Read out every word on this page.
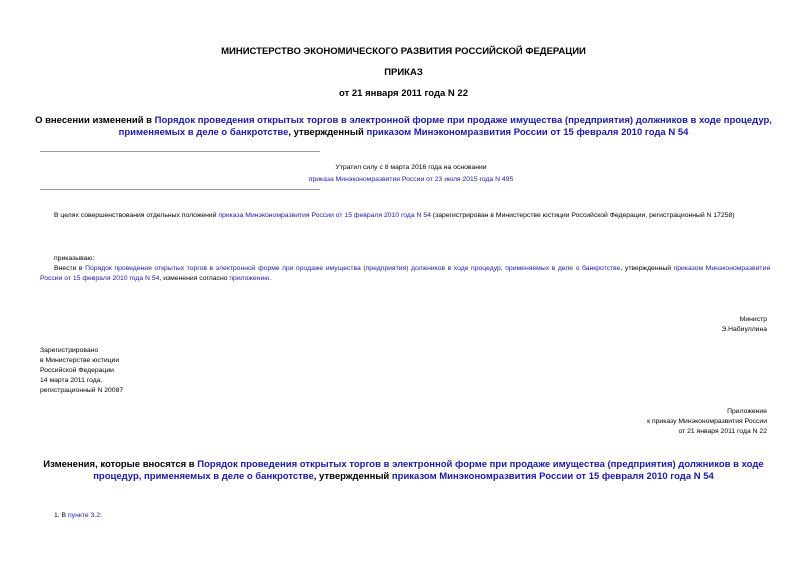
МИНИСТЕРСТВО ЭКОНОМИЧЕСКОГО РАЗВИТИЯ РОССИЙСКОЙ ФЕДЕРАЦИИ
ПРИКАЗ
от 21 января 2011 года N 22
О внесении изменений в Порядок проведения открытых торгов в электронной форме при продаже имущества (предприятия) должников в ходе процедур, применяемых в деле о банкротстве, утвержденный приказом Минэкономразвития России от 15 февраля 2010 года N 54
Утратил силу с 8 марта 2016 года на основании
приказа Минэкономразвития России от 23 июля 2015 года N 495
В целях совершенствования отдельных положений приказа Минэкономразвития России от 15 февраля 2010 года N 54 (зарегистрирован в Министерстве юстиции Российской Федерации, регистрационный N 17258)
приказываю:
Внести в Порядок проведения открытых торгов в электронной форме при продаже имущества (предприятия) должников в ходе процедур, применяемых в деле о банкротстве, утвержденный приказом Минэкономразвития России от 15 февраля 2010 года N 54, изменения согласно приложению.
Министр
Э.Набиуллина
Зарегистрировано
в Министерстве юстиции
Российской Федерации
14 марта 2011 года,
регистрационный N 20087
Приложение
к приказу Минэкономразвития России
от 21 января 2011 года N 22
Изменения, которые вносятся в Порядок проведения открытых торгов в электронной форме при продаже имущества (предприятия) должников в ходе процедур, применяемых в деле о банкротстве, утвержденный приказом Минэкономразвития России от 15 февраля 2010 года N 54
1. В пункте 3.2:
